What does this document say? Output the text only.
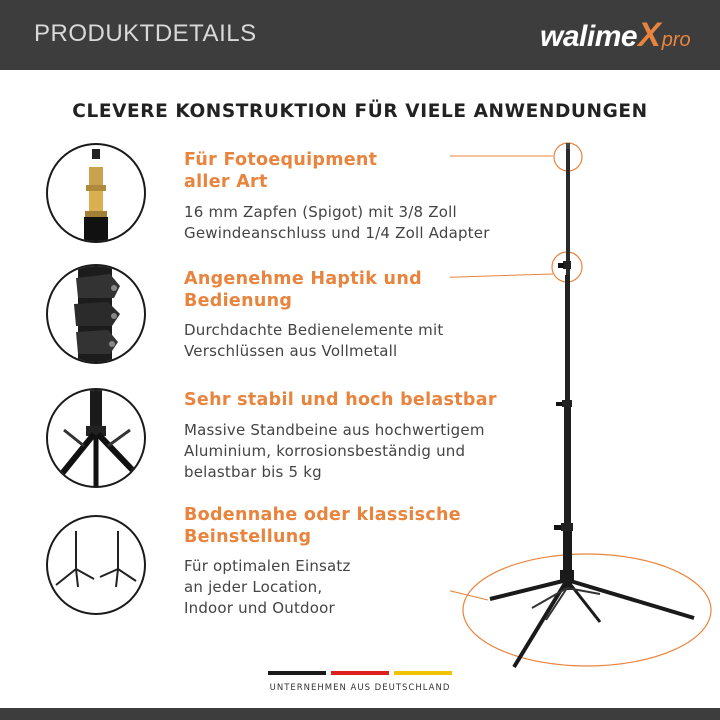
PRODUKTDETAILS	walime X pro
CLEVERE KONSTRUKTION FÜR VIELE ANWENDUNGEN
Für Fotoequipment
aller Art
16 mm Zapfen (Spigot) mit 3/8 Zoll
Gewindeanschluss und 1/4 Zoll Adapter
Angenehme Haptik und
Bedienung
Durchdachte Bedienelemente mit
Verschlüssen aus Vollmetall
Sehr stabil und hoch belastbar
Massive Standbeine aus hochwertigem
Aluminium, korrosionsbeständig und
belastbar bis 5 kg
Bodennahe oder klassische
Beinstellung
Für optimalen Einsatz
an jeder Location,
Indoor und Outdoor
UNTERNEHMEN AUS DEUTSCHLAND
